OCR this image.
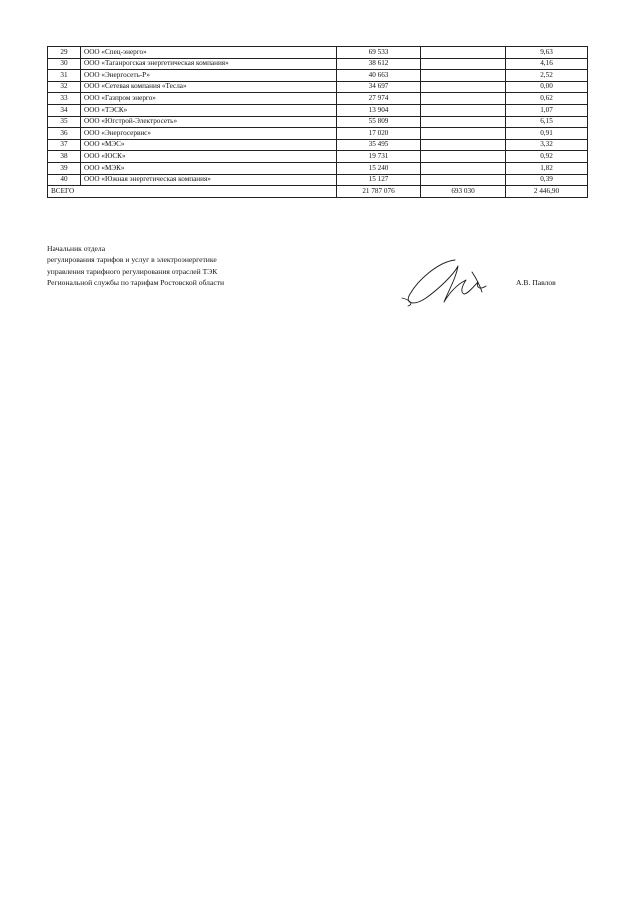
29	ООО «Спец-энерго»	69 533		9,63
30	ООО «Таганрогская энергетическая компания»	38 612		4,16
31	ООО «Энергосеть-Р»	40 663		2,52
32	ООО «Сетевая компания «Тесла»	34 697		0,00
33	ООО «Газпром энерго»	27 974		0,62
34	ООО «ТЭСК»	13 904		1,07
35	ООО «Югстрой-Электросеть»	55 809		6,15
36	ООО «Энергосервис»	17 020		0,91
37	ООО «МЭС»	35 495		3,32
38	ООО «ЮСК»	19 731		0,92
39	ООО «МЭК»	15 240		1,82
40	ООО «Южная энергетическая компания»	15 127		0,39
ВСЕГО		21 787 076	693 030	2 446,90
Начальник отдела
регулирования тарифов и услуг в электроэнергетике
управления тарифного регулирования отраслей ТЭК
Региональной службы по тарифам Ростовской области	А.В. Павлов
